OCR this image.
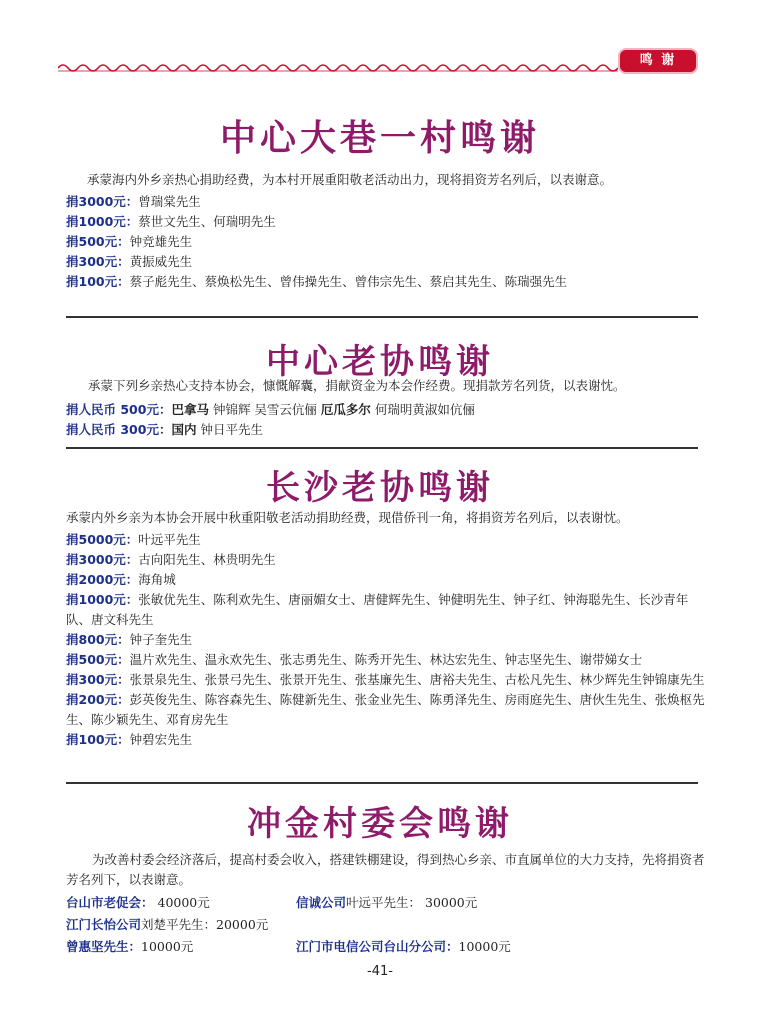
鸣 谢
中心大巷一村鸣谢
承蒙海内外乡亲热心捐助经费，为本村开展重阳敬老活动出力，现将捐资芳名列后，以表谢意。
捐3000元：曾瑞棠先生
捐1000元：蔡世文先生、何瑞明先生
捐500元：钟竞雄先生
捐300元：黄振威先生
捐100元：蔡子彪先生、蔡焕松先生、曾伟操先生、曾伟宗先生、蔡启其先生、陈瑞强先生
中心老协鸣谢
承蒙下列乡亲热心支持本协会，慷慨解囊，捐献资金为本会作经费。现捐款芳名列货，以表谢忱。
捐人民币 500元：巴拿马 钟锦辉 吴雪云伉俪 厄瓜多尔 何瑞明黄淑如伉俪
捐人民币 300元：国内 钟日平先生
长沙老协鸣谢
承蒙内外乡亲为本协会开展中秋重阳敬老活动捐助经费，现借侨刊一角，将捐资芳名列后，以表谢忱。
捐5000元：叶远平先生
捐3000元：古向阳先生、林贵明先生
捐2000元：海角城
捐1000元：张敏优先生、陈利欢先生、唐丽媚女士、唐健辉先生、钟健明先生、钟子红、钟海聪先生、长沙青年队、唐文科先生
捐800元：钟子奎先生
捐500元：温片欢先生、温永欢先生、张志勇先生、陈秀开先生、林达宏先生、钟志坚先生、谢带娣女士
捐300元：张景泉先生、张景弓先生、张景开先生、张基廉先生、唐裕夫先生、古松凡先生、林少辉先生钟锦康先生
捐200元：彭英俊先生、陈容森先生、陈健新先生、张金业先生、陈勇泽先生、房雨庭先生、唐伙生先生、张焕枢先生、陈少颖先生、邓育房先生
捐100元：钟碧宏先生
冲金村委会鸣谢
为改善村委会经济落后，提高村委会收入，搭建铁棚建设，得到热心乡亲、市直属单位的大力支持，先将捐资者芳名列下，以表谢意。
台山市老促会： 40000元	信诚公司叶远平先生： 30000元
江门长怡公司刘楚平先生：20000元
曾惠坚先生：10000元	江门市电信公司台山分公司：10000元
-41-
